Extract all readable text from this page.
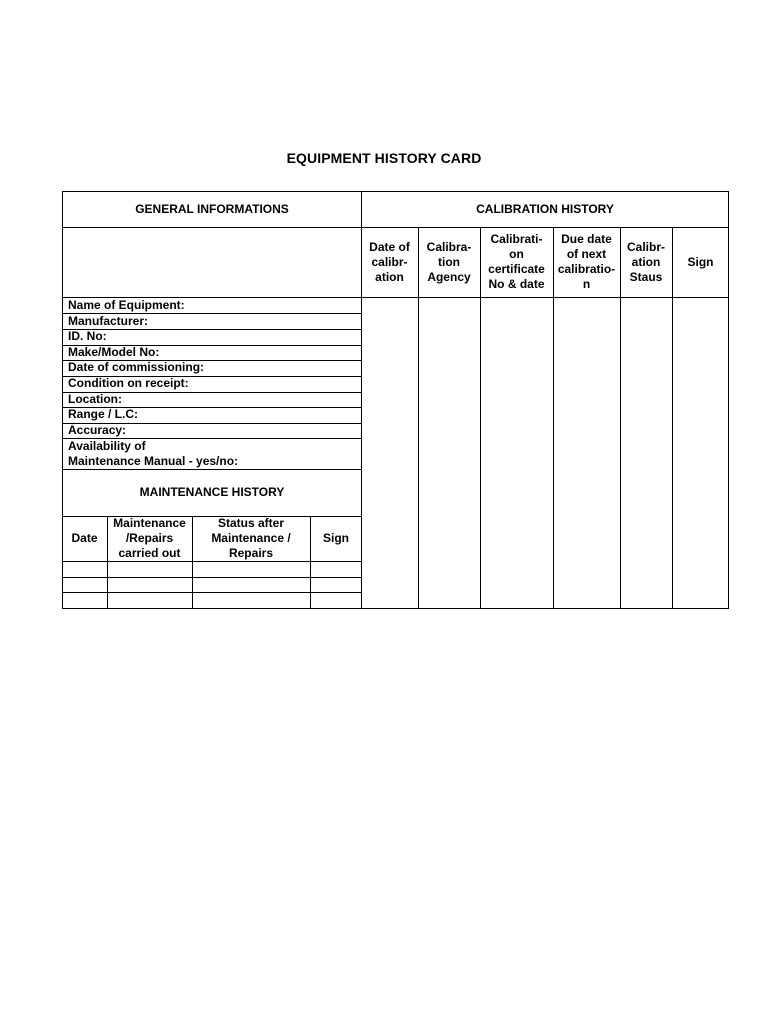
EQUIPMENT HISTORY CARD
GENERAL INFORMATIONS	CALIBRATION HISTORY
Date of
calibr-
ation
Calibra-
tion
Agency
Calibrati-
on
certificate
No & date
Due date
of next
calibratio-
n
Calibr-
ation
Staus
Sign
Name of Equipment:
Manufacturer:
ID. No:
Make/Model No:
Date of commissioning:
Condition on receipt:
Location:
Range / L.C:
Accuracy:
Availability of
Maintenance Manual - yes/no:
MAINTENANCE HISTORY
Date
Maintenance
/Repairs
carried out
Status after
Maintenance /
Repairs
Sign
